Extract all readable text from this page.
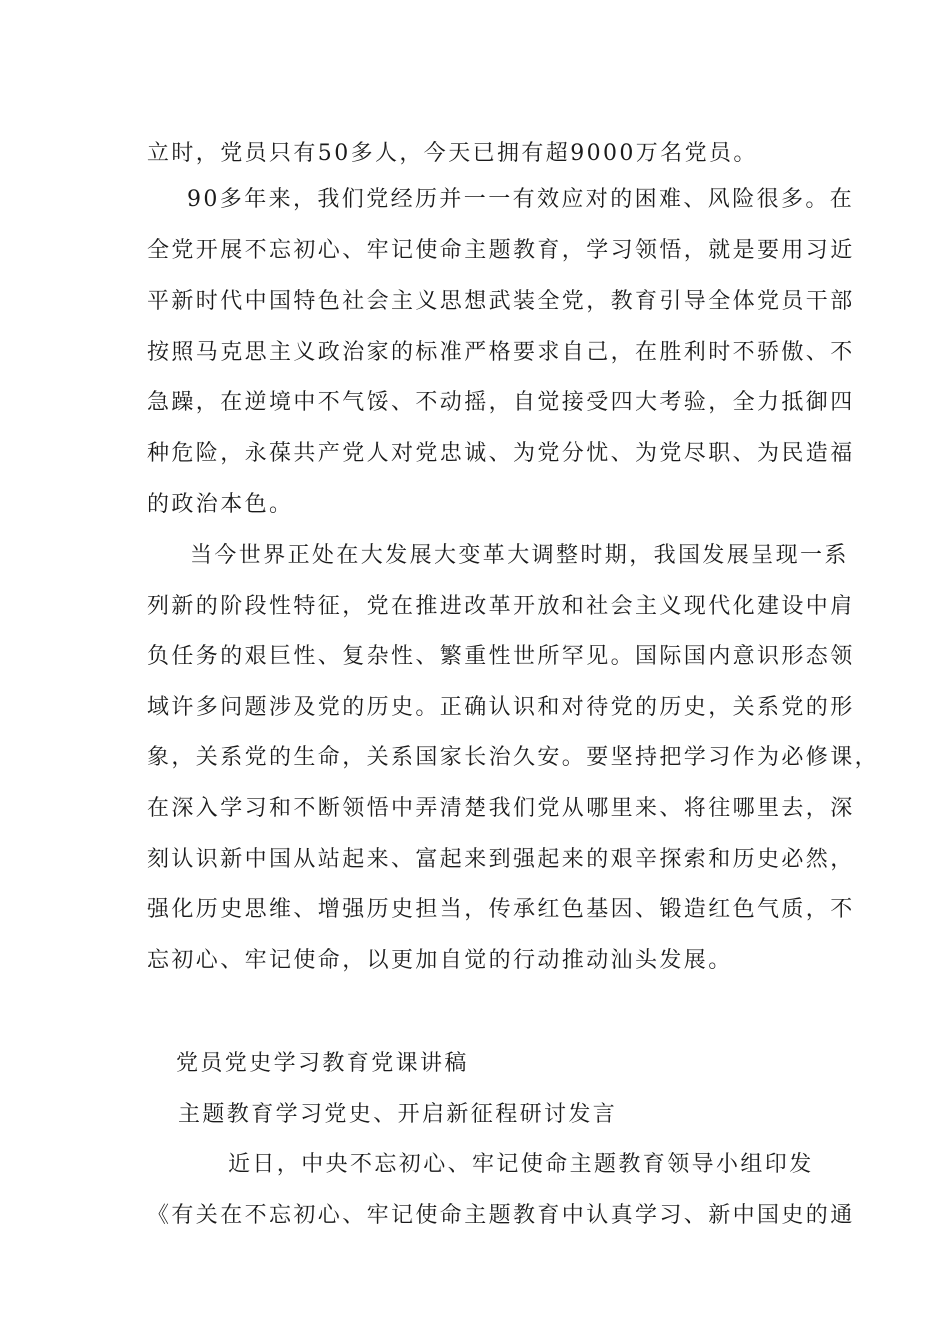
立时，党员只有50多人，今天已拥有超9000万名党员。
90多年来，我们党经历并一一有效应对的困难、风险很多。在
全党开展不忘初心、牢记使命主题教育，学习领悟，就是要用习近
平新时代中国特色社会主义思想武装全党，教育引导全体党员干部
按照马克思主义政治家的标准严格要求自己，在胜利时不骄傲、不
急躁，在逆境中不气馁、不动摇，自觉接受四大考验，全力抵御四
种危险，永葆共产党人对党忠诚、为党分忧、为党尽职、为民造福
的政治本色。
当今世界正处在大发展大变革大调整时期，我国发展呈现一系
列新的阶段性特征，党在推进改革开放和社会主义现代化建设中肩
负任务的艰巨性、复杂性、繁重性世所罕见。国际国内意识形态领
域许多问题涉及党的历史。正确认识和对待党的历史，关系党的形
象，关系党的生命，关系国家长治久安。要坚持把学习作为必修课，
在深入学习和不断领悟中弄清楚我们党从哪里来、将往哪里去，深
刻认识新中国从站起来、富起来到强起来的艰辛探索和历史必然，
强化历史思维、增强历史担当，传承红色基因、锻造红色气质，不
忘初心、牢记使命，以更加自觉的行动推动汕头发展。
党员党史学习教育党课讲稿
主题教育学习党史、开启新征程研讨发言
近日，中央不忘初心、牢记使命主题教育领导小组印发
《有关在不忘初心、牢记使命主题教育中认真学习、新中国史的通
